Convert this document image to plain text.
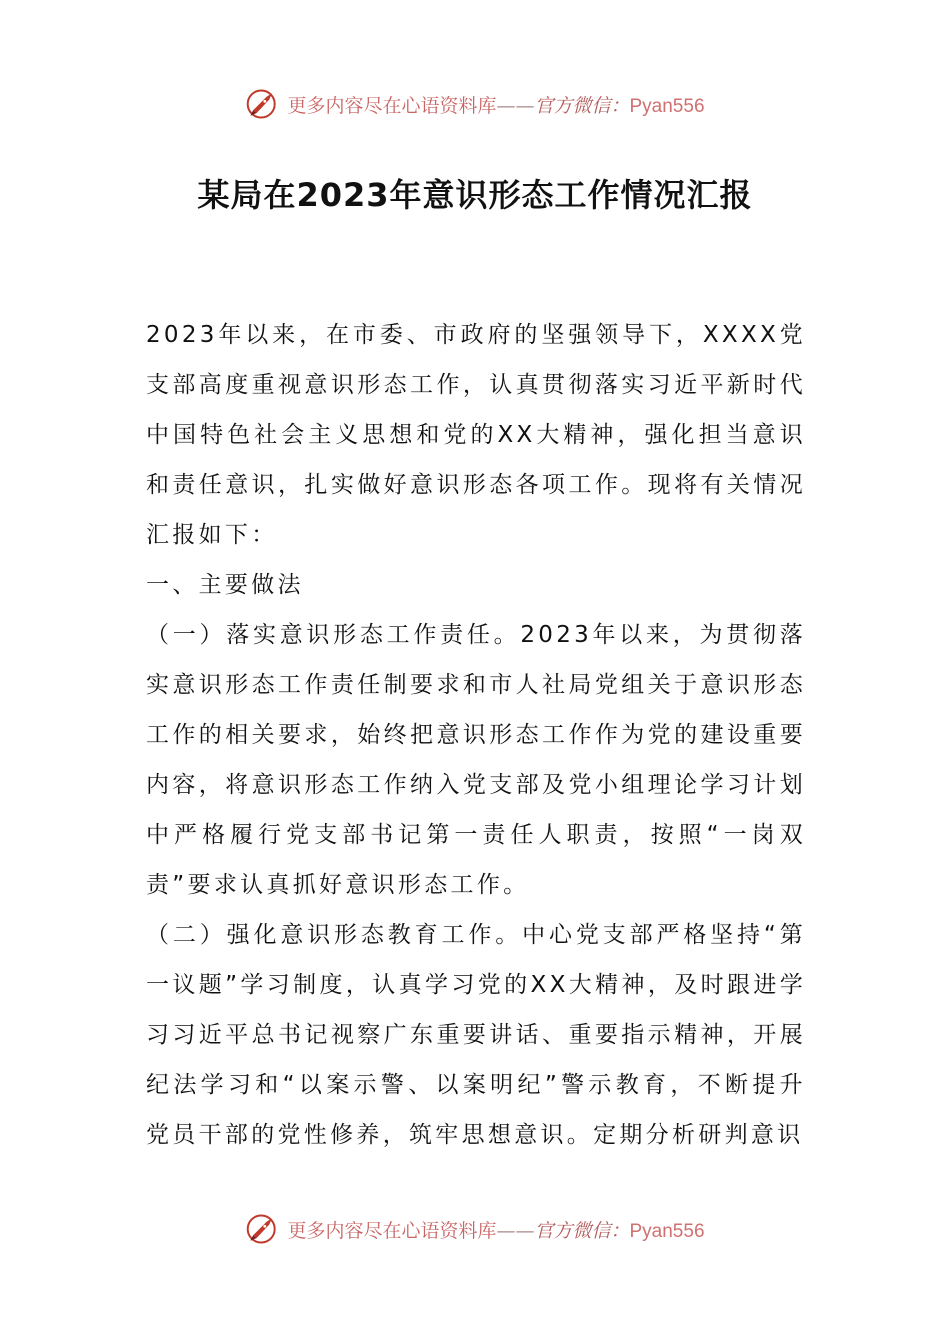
更多内容尽在心语资料库——官方微信：Pyan556
某局在2023年意识形态工作情况汇报

2023年以来，在市委、市政府的坚强领导下，XXXX党支部高度重视意识形态工作，认真贯彻落实习近平新时代中国特色社会主义思想和党的XX大精神，强化担当意识和责任意识，扎实做好意识形态各项工作。现将有关情况汇报如下：

一、主要做法

（一）落实意识形态工作责任。2023年以来，为贯彻落实意识形态工作责任制要求和市人社局党组关于意识形态工作的相关要求，始终把意识形态工作作为党的建设重要内容，将意识形态工作纳入党支部及党小组理论学习计划中严格履行党支部书记第一责任人职责，按照“一岗双责”要求认真抓好意识形态工作。

（二）强化意识形态教育工作。中心党支部严格坚持“第一议题”学习制度，认真学习党的XX大精神，及时跟进学习习近平总书记视察广东重要讲话、重要指示精神，开展纪法学习和“以案示警、以案明纪”警示教育，不断提升党员干部的党性修养，筑牢思想意识。定期分析研判意识

更多内容尽在心语资料库——官方微信：Pyan556
